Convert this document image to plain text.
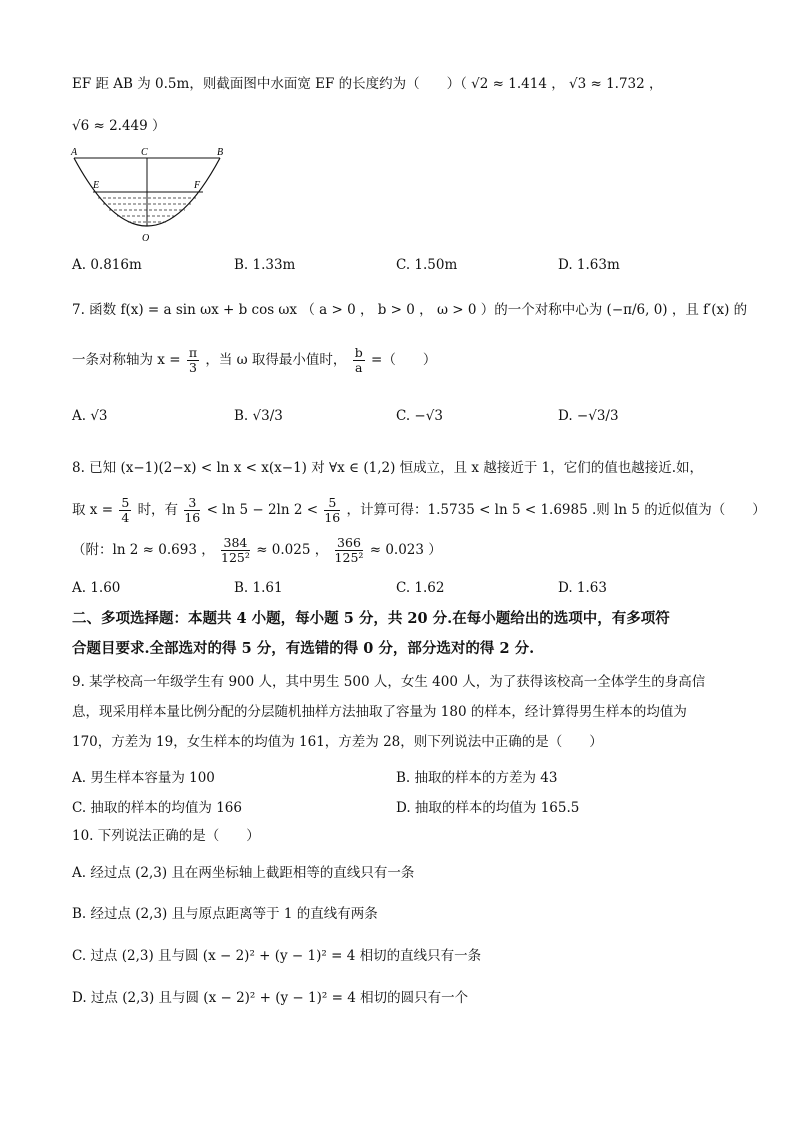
EF 距 AB 为 0.5m，则截面图中水面宽 EF 的长度约为（　　）（ √2 ≈ 1.414 ， √3 ≈ 1.732 ，
√6 ≈ 2.449 ）
A	C	B
E	F
O
A. 0.816m	B. 1.33m	C. 1.50m	D. 1.63m
7. 函数 f(x) = a sin ωx + b cos ωx （ a > 0 ， b > 0 ， ω > 0 ）的一个对称中心为 (−π/6, 0) ，且 f′(x) 的
一条对称轴为 $x = \frac{\pi}{3}$ ，当 ω 取得最小值时， $\frac{b}{a}$ =（　　）
A. √3	B. √3/3	C. −√3	D. −√3/3
8. 已知 (x−1)(2−x) < ln x < x(x−1) 对 ∀x ∈ (1,2) 恒成立，且 x 越接近于 1，它们的值也越接近.如，
取 $x = \frac{5}{4}$ 时，有 $\frac{3}{16} < \ln 5 - 2\ln$ $2 < \frac{5}{16}$ ，计算可得：1.5735 < ln 5 < 1.6985 .则 ln 5 的近似值为（　　）
（附：ln 2 ≈ 0.693 ， $\frac{384}{\text{125²}} \approx 0.025$ ， $\frac{366}{\text{125²}} \approx 0.023$ ）
A. 1.60	B. 1.61	C. 1.62	D. 1.63
二、多项选择题：本题共 4 小题，每小题 5 分，共 20 分.在每小题给出的选项中，有多项符
合题目要求.全部选对的得 5 分，有选错的得 0 分，部分选对的得 2 分.
9. 某学校高一年级学生有 900 人，其中男生 500 人，女生 400 人，为了获得该校高一全体学生的身高信
息，现采用样本量比例分配的分层随机抽样方法抽取了容量为 180 的样本，经计算得男生样本的均值为
170，方差为 19，女生样本的均值为 161，方差为 28，则下列说法中正确的是（　　）
A. 男生样本容量为 100	B. 抽取的样本的方差为 43
C. 抽取的样本的均值为 166	D. 抽取的样本的均值为 165.5
10. 下列说法正确的是（　　）
A. 经过点 (2,3) 且在两坐标轴上截距相等的直线只有一条
B. 经过点 (2,3) 且与原点距离等于 1 的直线有两条
C. 过点 (2,3) 且与圆 (x − 2)² + (y − 1)² = 4 相切的直线只有一条
D. 过点 (2,3) 且与圆 (x − 2)² + (y − 1)² = 4 相切的圆只有一个
